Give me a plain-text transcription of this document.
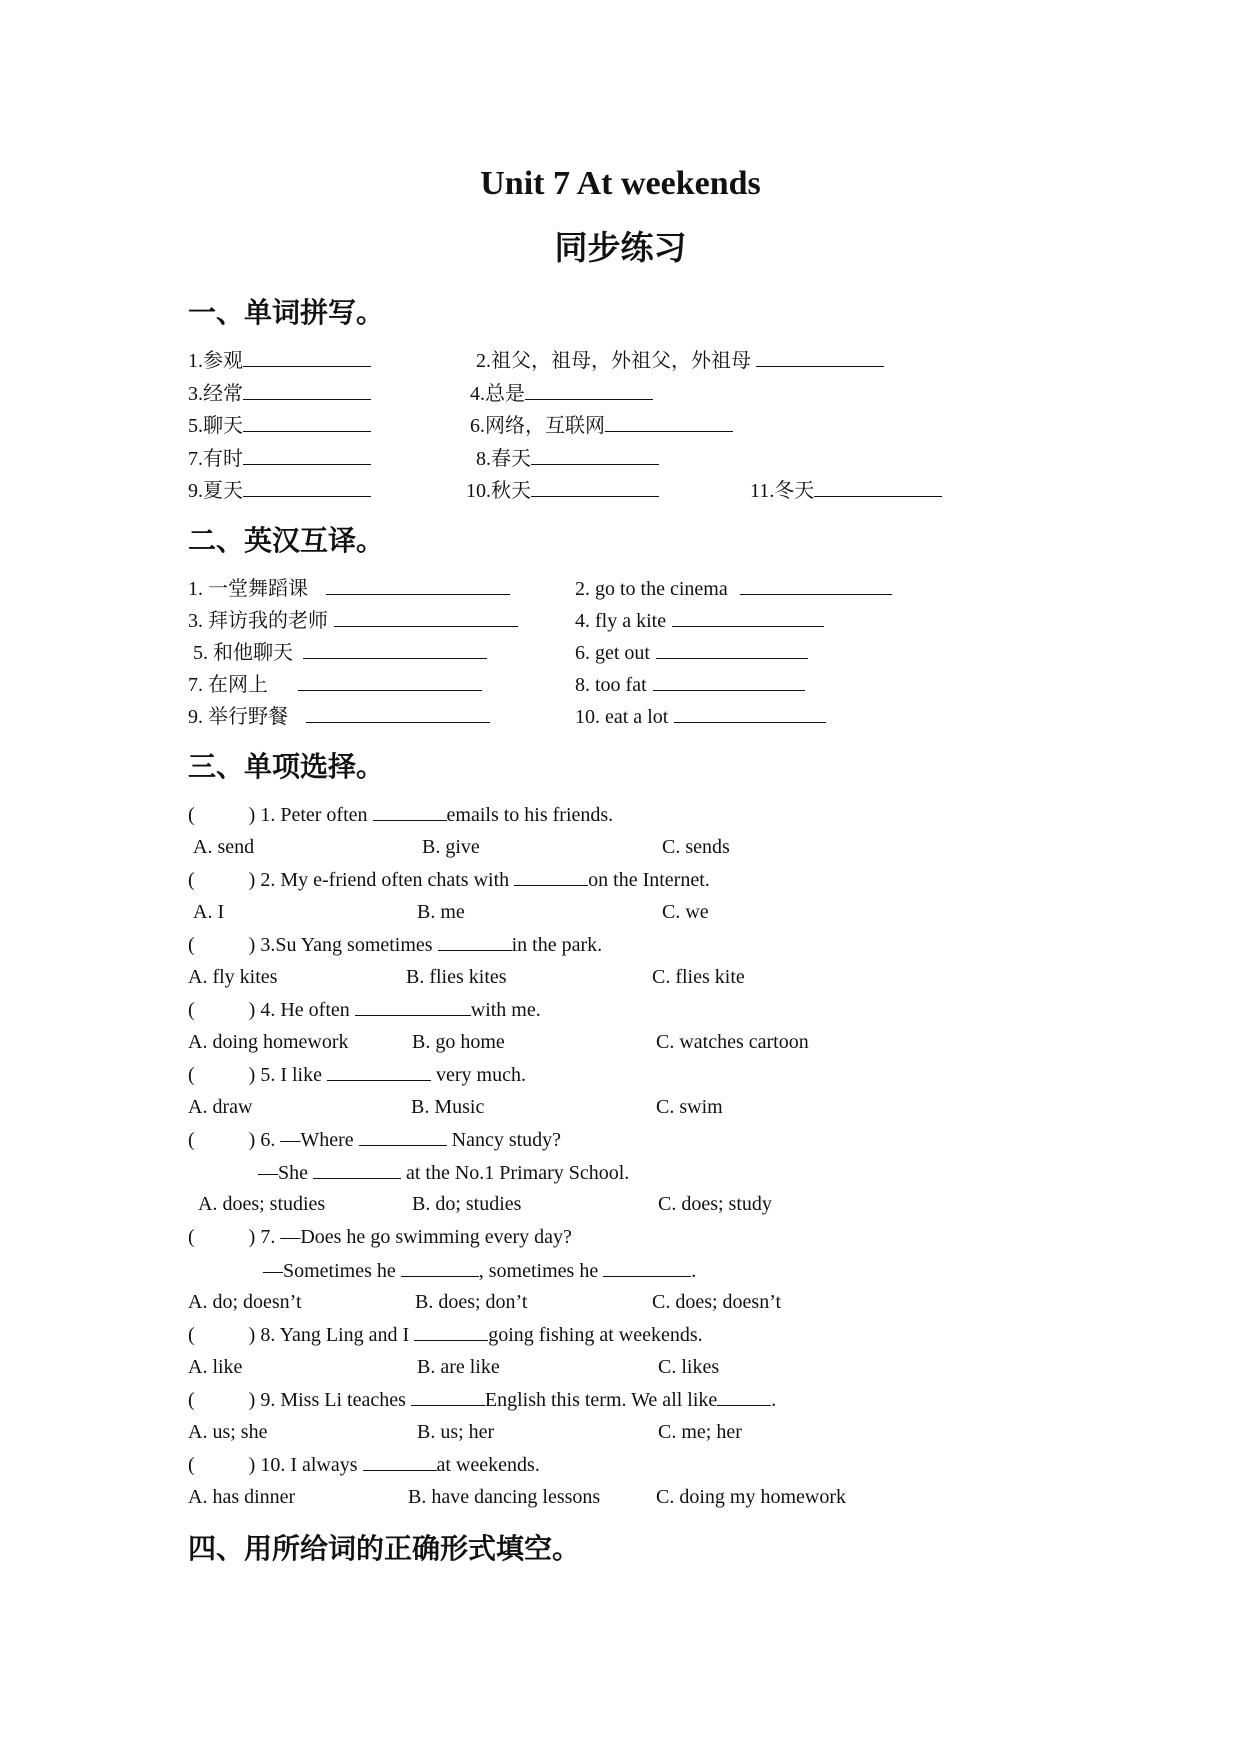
Unit 7 At weekends
同步练习
一、单词拼写。
1.参观	2.祖父，祖母，外祖父，外祖母
3.经常	4.总是
5.聊天	6.网络，互联网
7.有时	8.春天
9.夏天	10.秋天	11.冬天
二、英汉互译。
1. 一堂舞蹈课	2. go to the cinema
3. 拜访我的老师	4. fly a kite
5. 和他聊天	6. get out
7. 在网上	8. too fat
9. 举行野餐	10. eat a lot
三、单项选择。
(	) 1. Peter often	emails to his friends.
A. send	B. give	C. sends
(	) 2. My e-friend often chats with	on the Internet.
A. I	B. me	C. we
(	) 3.Su Yang sometimes	in the park.
A. fly kites	B. flies kites	C. flies kite
(	) 4. He often	with me.
A. doing homework	B. go home	C. watches cartoon
(	) 5. I like	very much.
A. draw	B. Music	C. swim
(	) 6. —Where	Nancy study?
—She	at the No.1 Primary School.
A. does; studies	B. do; studies	C. does; study
(	) 7. —Does he go swimming every day?
—Sometimes he	, sometimes he	.
A. do; doesn’t	B. does; don’t	C. does; doesn’t
(	) 8. Yang Ling and I	going fishing at weekends.
A. like	B. are like	C. likes
(	) 9. Miss Li teaches	English this term. We all like	.
A. us; she	B. us; her	C. me; her
(	) 10. I always	at weekends.
A. has dinner	B. have dancing lessons	C. doing my homework
四、用所给词的正确形式填空。
